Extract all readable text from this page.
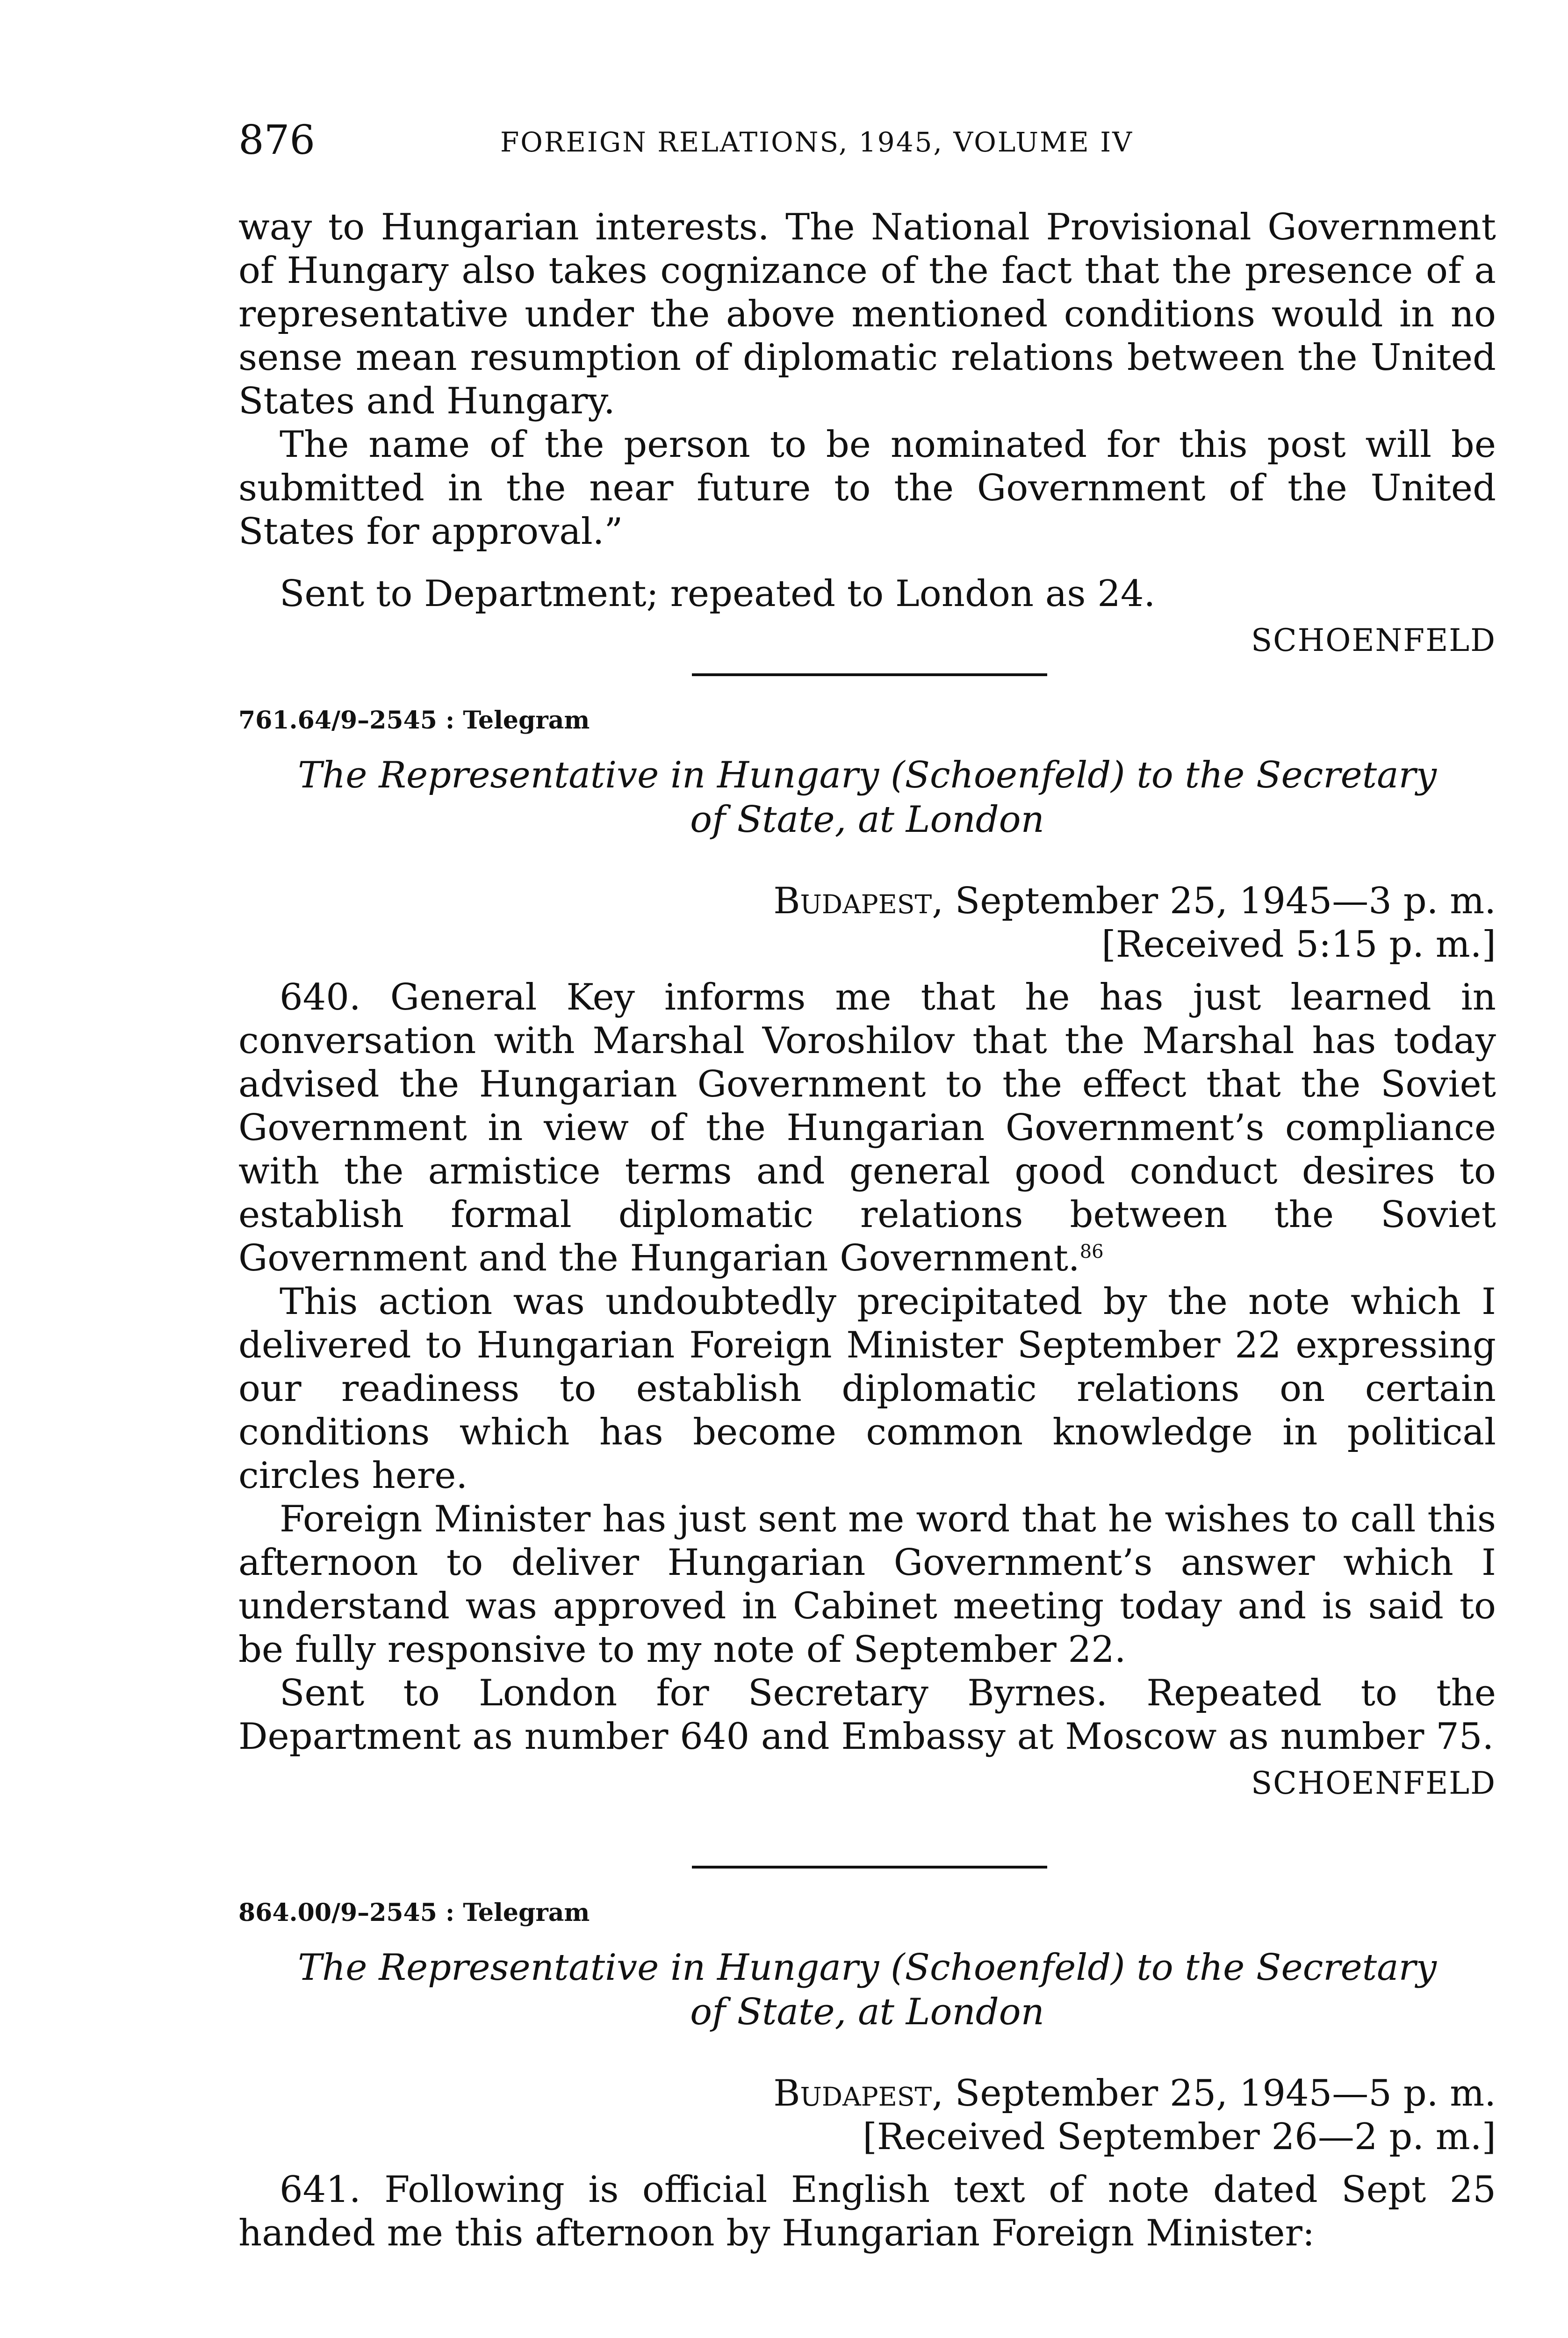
876	FOREIGN RELATIONS, 1945, VOLUME IV

way to Hungarian interests. The National Provisional Government of Hungary also takes cognizance of the fact that the presence of a representative under the above mentioned conditions would in no sense mean resumption of diplomatic relations between the United States and Hungary.

The name of the person to be nominated for this post will be submitted in the near future to the Government of the United States for approval.”

Sent to Department; repeated to London as 24.

SCHOENFELD

761.64/9–2545 : Telegram

The Representative in Hungary (Schoenfeld) to the Secretary

of State, at London

Budapest, September 25, 1945—3 p. m.

[Received 5:15 p. m.]

640. General Key informs me that he has just learned in conversation with Marshal Voroshilov that the Marshal has today advised the Hungarian Government to the effect that the Soviet Government in view of the Hungarian Government’s compliance with the armistice terms and general good conduct desires to establish formal diplomatic relations between the Soviet Government and the Hungarian Government.$^{86}$

This action was undoubtedly precipitated by the note which I delivered to Hungarian Foreign Minister September 22 expressing our readiness to establish diplomatic relations on certain conditions which has become common knowledge in political circles here.

Foreign Minister has just sent me word that he wishes to call this afternoon to deliver Hungarian Government’s answer which I understand was approved in Cabinet meeting today and is said to be fully responsive to my note of September 22.

Sent to London for Secretary Byrnes. Repeated to the Department as number 640 and Embassy at Moscow as number 75.

SCHOENFELD

864.00/9–2545 : Telegram

The Representative in Hungary (Schoenfeld) to the Secretary

of State, at London

Budapest, September 25, 1945—5 p. m.

[Received September 26—2 p. m.]

641. Following is official English text of note dated Sept 25 handed me this afternoon by Hungarian Foreign Minister:
